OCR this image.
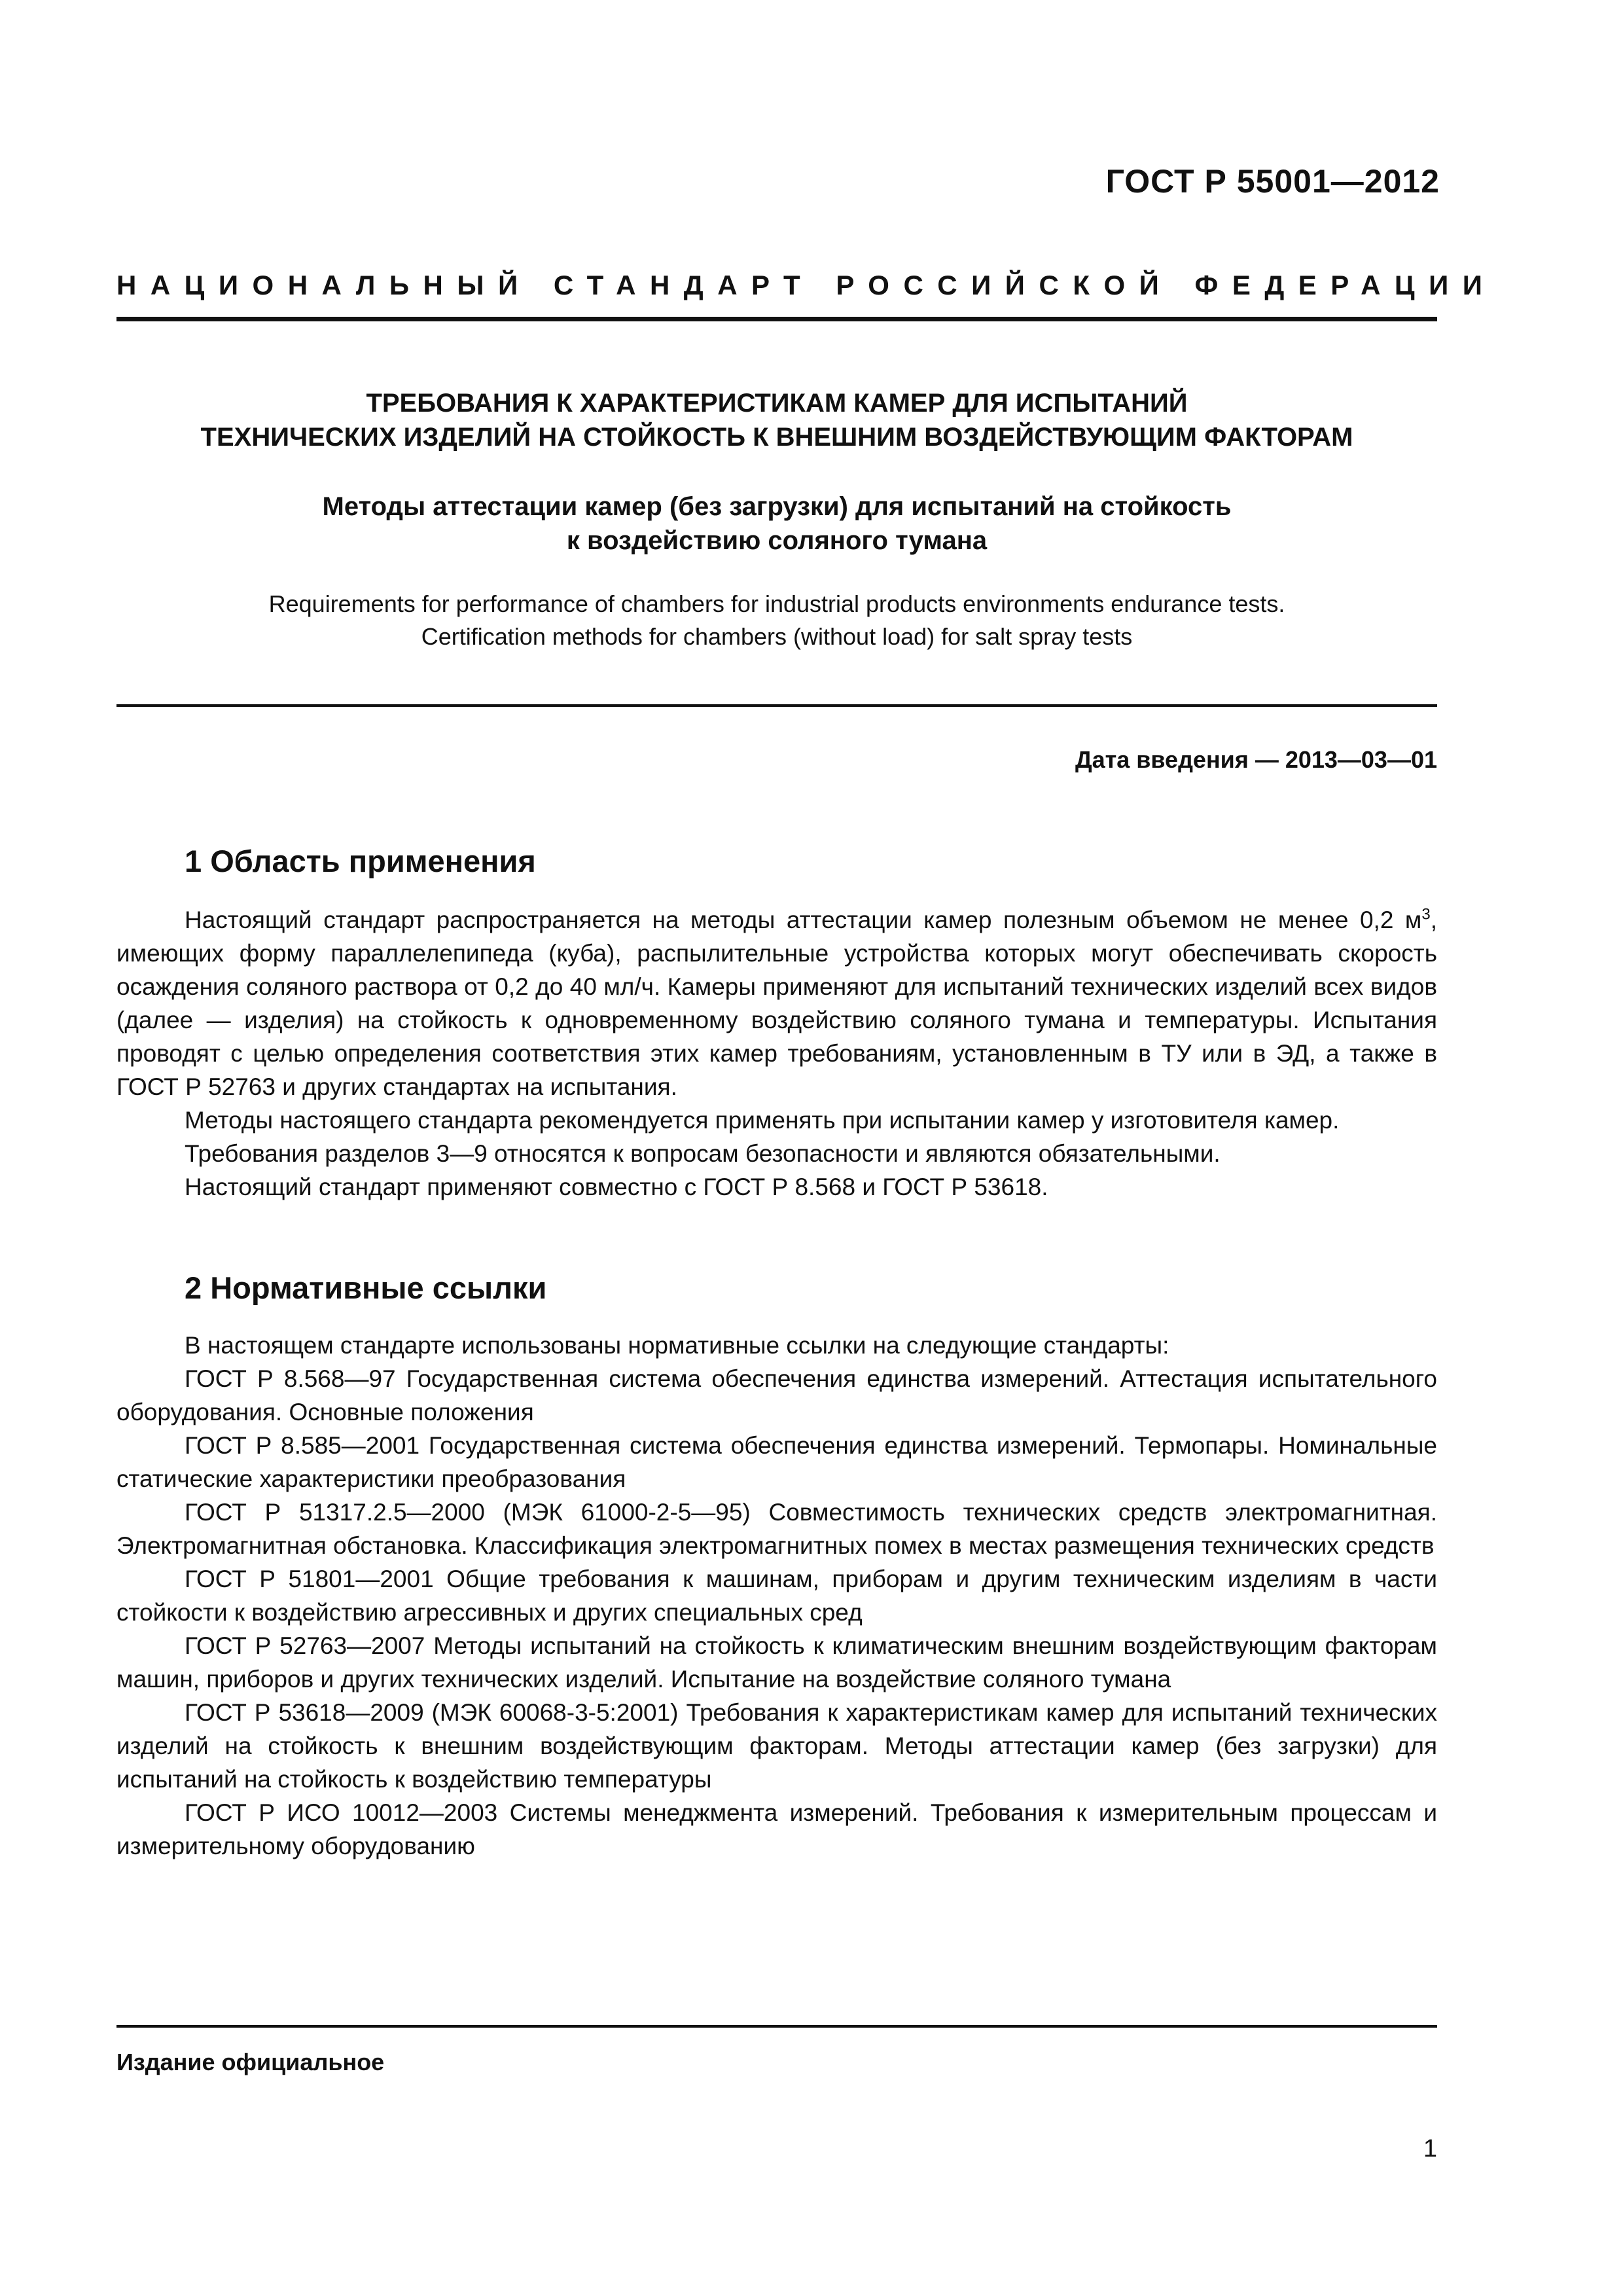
ГОСТ Р 55001—2012
НАЦИОНАЛЬНЫЙ СТАНДАРТ РОССИЙСКОЙ ФЕДЕРАЦИИ
ТРЕБОВАНИЯ К ХАРАКТЕРИСТИКАМ КАМЕР ДЛЯ ИСПЫТАНИЙ
ТЕХНИЧЕСКИХ ИЗДЕЛИЙ НА СТОЙКОСТЬ К ВНЕШНИМ ВОЗДЕЙСТВУЮЩИМ ФАКТОРАМ
Методы аттестации камер (без загрузки) для испытаний на стойкость
к воздействию соляного тумана
Requirements for performance of chambers for industrial products environments endurance tests.
Certification methods for chambers (without load) for salt spray tests
Дата введения — 2013—03—01
1 Область применения

Настоящий стандарт распространяется на методы аттестации камер полезным объемом не менее 0,2 $м^3$, имеющих форму параллелепипеда (куба), распылительные устройства которых могут обеспечивать скорость осаждения соляного раствора от 0,2 до 40 мл/ч. Камеры применяют для испытаний технических изделий всех видов (далее — изделия) на стойкость к одновременному воздействию соляного тумана и температуры. Испытания проводят с целью определения соответствия этих камер требованиям, установленным в ТУ или в ЭД, а также в ГОСТ Р 52763 и других стандартах на испытания.

Методы настоящего стандарта рекомендуется применять при испытании камер у изготовителя камер.

Требования разделов 3—9 относятся к вопросам безопасности и являются обязательными.

Настоящий стандарт применяют совместно с ГОСТ Р 8.568 и ГОСТ Р 53618.

2 Нормативные ссылки

В настоящем стандарте использованы нормативные ссылки на следующие стандарты:

ГОСТ Р 8.568—97 Государственная система обеспечения единства измерений. Аттестация испытательного оборудования. Основные положения

ГОСТ Р 8.585—2001 Государственная система обеспечения единства измерений. Термопары. Номинальные статические характеристики преобразования

ГОСТ Р 51317.2.5—2000 (МЭК 61000-2-5—95) Совместимость технических средств электромагнитная. Электромагнитная обстановка. Классификация электромагнитных помех в местах размещения технических средств

ГОСТ Р 51801—2001 Общие требования к машинам, приборам и другим техническим изделиям в части стойкости к воздействию агрессивных и других специальных сред

ГОСТ Р 52763—2007 Методы испытаний на стойкость к климатическим внешним воздействующим факторам машин, приборов и других технических изделий. Испытание на воздействие соляного тумана

ГОСТ Р 53618—2009 (МЭК 60068-3-5:2001) Требования к характеристикам камер для испытаний технических изделий на стойкость к внешним воздействующим факторам. Методы аттестации камер (без загрузки) для испытаний на стойкость к воздействию температуры

ГОСТ Р ИСО 10012—2003 Системы менеджмента измерений. Требования к измерительным процессам и измерительному оборудованию

Издание официальное
1
